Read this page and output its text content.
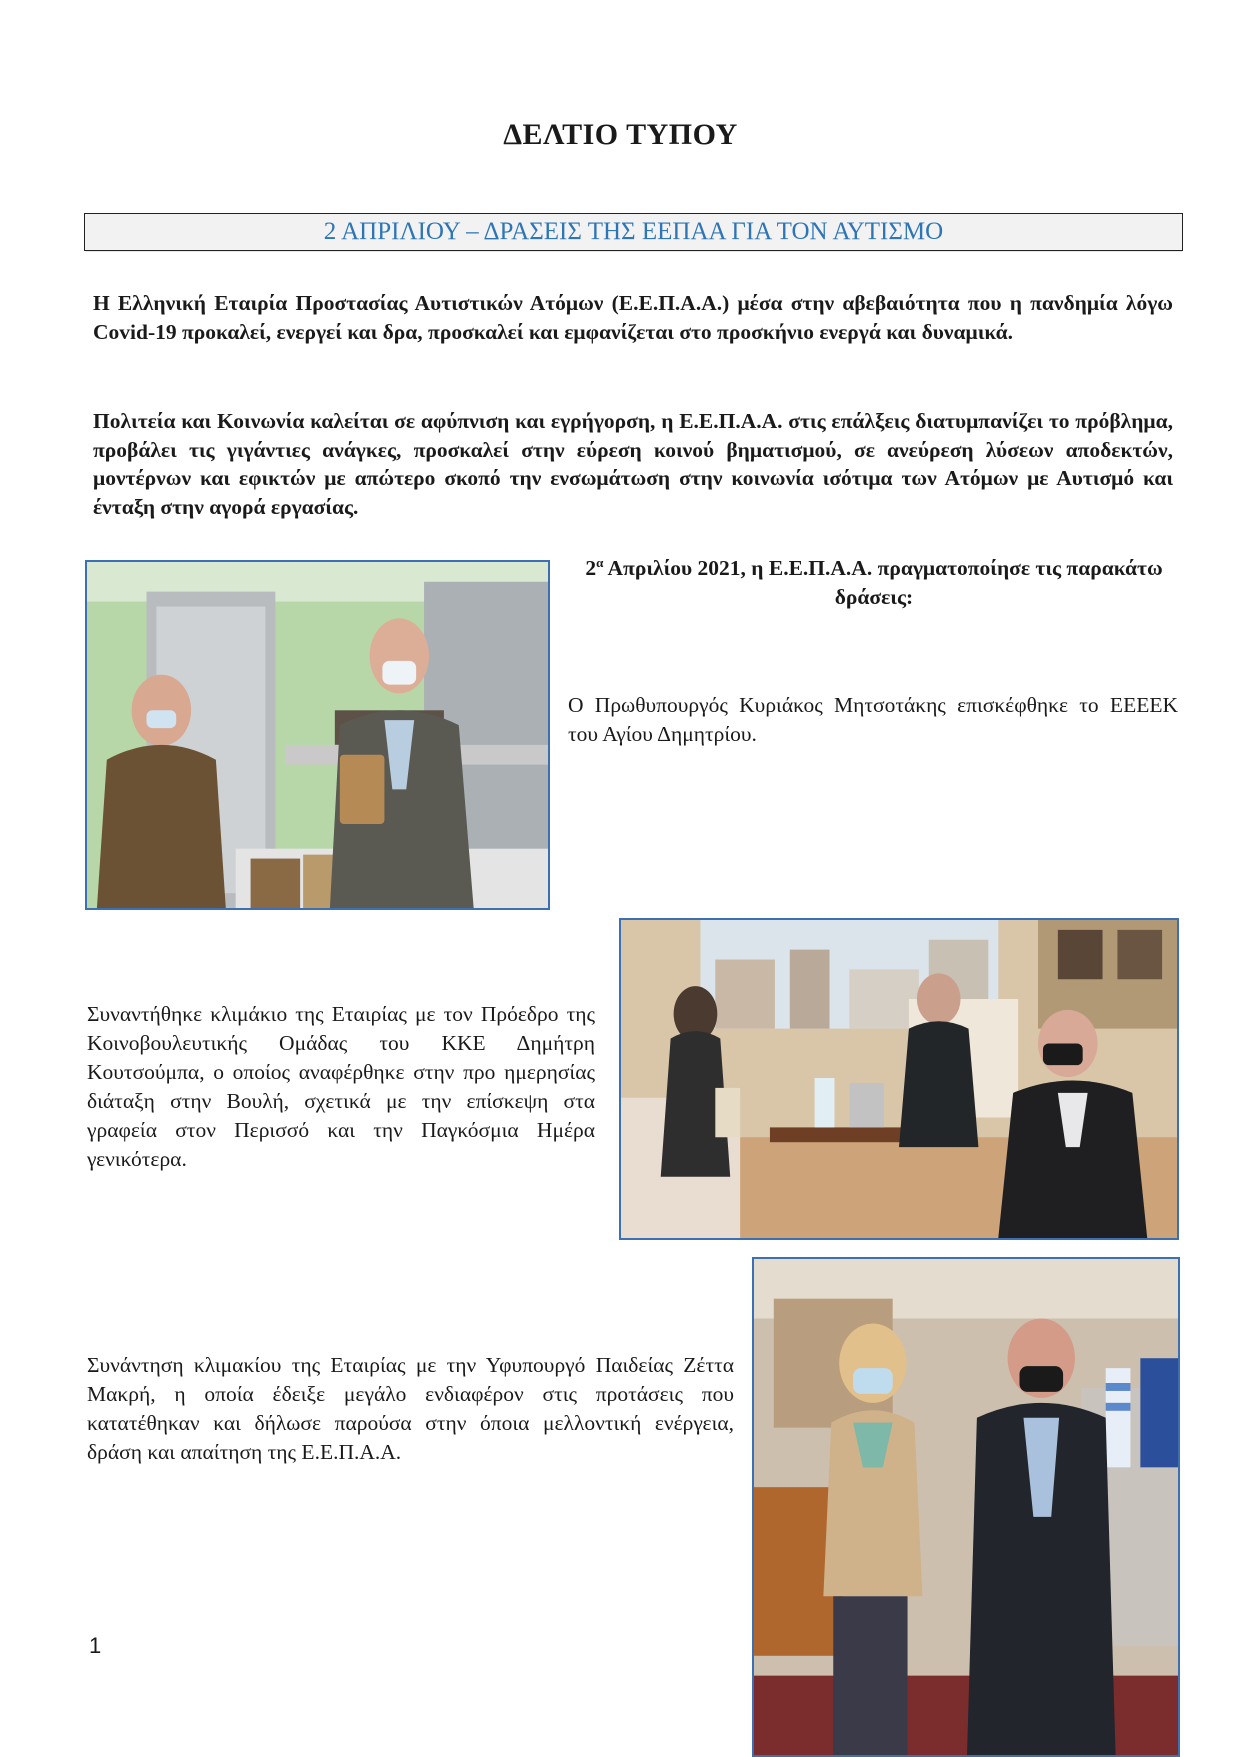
ΔΕΛΤΙΟ ΤΥΠΟΥ
2 ΑΠΡΙΛΙΟΥ – ΔΡΑΣΕΙΣ ΤΗΣ ΕΕΠΑΑ ΓΙΑ ΤΟΝ ΑΥΤΙΣΜΟ
Η Ελληνική Εταιρία Προστασίας Αυτιστικών Ατόμων (Ε.Ε.Π.Α.Α.) μέσα στην αβεβαιότητα που η πανδημία λόγω Covid-19 προκαλεί, ενεργεί και δρα, προσκαλεί και εμφανίζεται στο προσκήνιο ενεργά και δυναμικά.
Πολιτεία και Κοινωνία καλείται σε αφύπνιση και εγρήγορση, η Ε.Ε.Π.Α.Α. στις επάλξεις διατυμπανίζει το πρόβλημα, προβάλει τις γιγάντιες ανάγκες, προσκαλεί στην εύρεση κοινού βηματισμού, σε ανεύρεση λύσεων αποδεκτών, μοντέρνων και εφικτών με απώτερο σκοπό την ενσωμάτωση στην κοινωνία ισότιμα των Ατόμων με Αυτισμό και ένταξη στην αγορά εργασίας.
$2^\alpha$ Απριλίου 2021, η Ε.Ε.Π.Α.Α. πραγματοποίησε τις παρακάτω δράσεις:
Ο Πρωθυπουργός Κυριάκος Μητσοτάκης επισκέφθηκε το ΕΕΕΕΚ του Αγίου Δημητρίου.
Συναντήθηκε κλιμάκιο της Εταιρίας με τον Πρόεδρο της Κοινοβουλευτικής Ομάδας του ΚΚΕ Δημήτρη Κουτσούμπα, ο οποίος αναφέρθηκε στην προ ημερησίας διάταξη στην Βουλή, σχετικά με την επίσκεψη στα γραφεία στον Περισσό και την Παγκόσμια Ημέρα γενικότερα.
Συνάντηση κλιμακίου της Εταιρίας με την Υφυπουργό Παιδείας Ζέττα Μακρή, η οποία έδειξε μεγάλο ενδιαφέρον στις προτάσεις που κατατέθηκαν και δήλωσε παρούσα στην όποια μελλοντική ενέργεια, δράση και απαίτηση της Ε.Ε.Π.Α.Α.
1
